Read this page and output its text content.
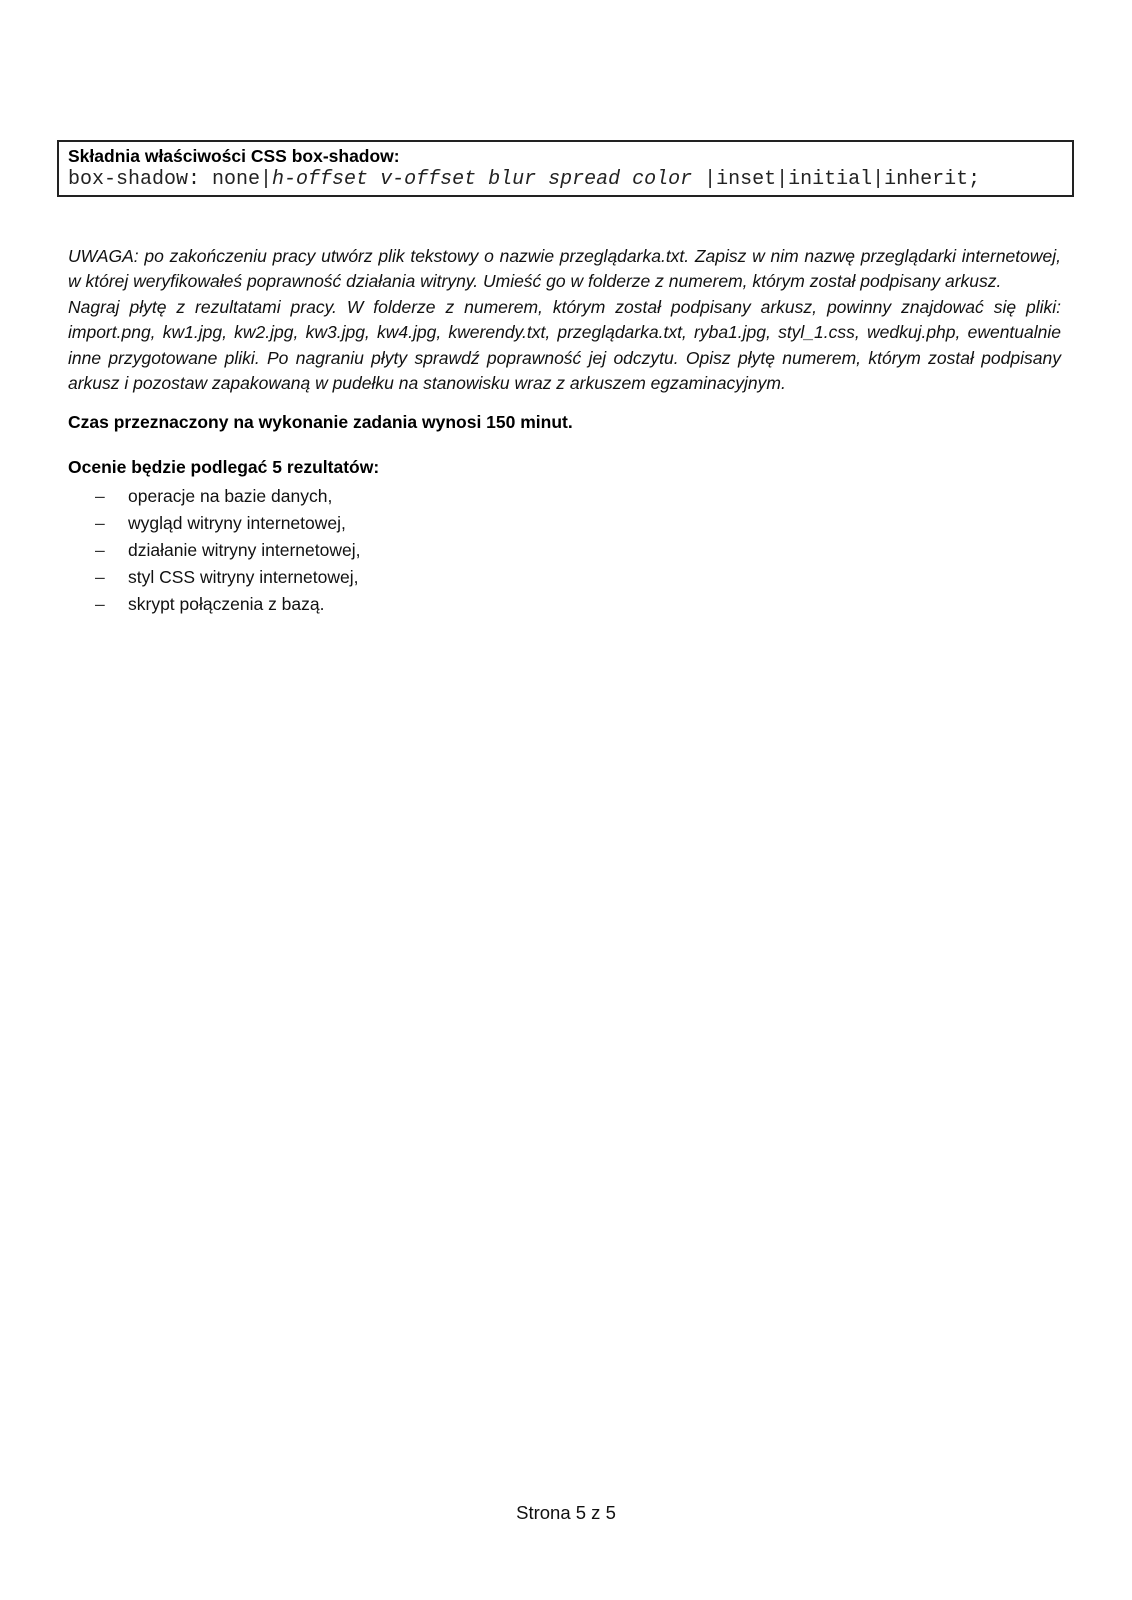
Składnia właściwości CSS box-shadow:
box-shadow: none|h-offset v-offset blur spread color |inset|initial|inherit;

UWAGA: po zakończeniu pracy utwórz plik tekstowy o nazwie przeglądarka.txt. Zapisz w nim nazwę przeglądarki internetowej, w której weryfikowałeś poprawność działania witryny. Umieść go w folderze z numerem, którym został podpisany arkusz.

Nagraj płytę z rezultatami pracy. W folderze z numerem, którym został podpisany arkusz, powinny znajdować się pliki: import.png, kw1.jpg, kw2.jpg, kw3.jpg, kw4.jpg, kwerendy.txt, przeglądarka.txt, ryba1.jpg, styl_1.css, wedkuj.php, ewentualnie inne przygotowane pliki. Po nagraniu płyty sprawdź poprawność jej odczytu. Opisz płytę numerem, którym został podpisany arkusz i pozostaw zapakowaną w pudełku na stanowisku wraz z arkuszem egzaminacyjnym.

Czas przeznaczony na wykonanie zadania wynosi 150 minut.

Ocenie będzie podlegać 5 rezultatów:

–	operacje na bazie danych,
–	wygląd witryny internetowej,
–	działanie witryny internetowej,
–	styl CSS witryny internetowej,
–	skrypt połączenia z bazą.
Strona 5 z 5
